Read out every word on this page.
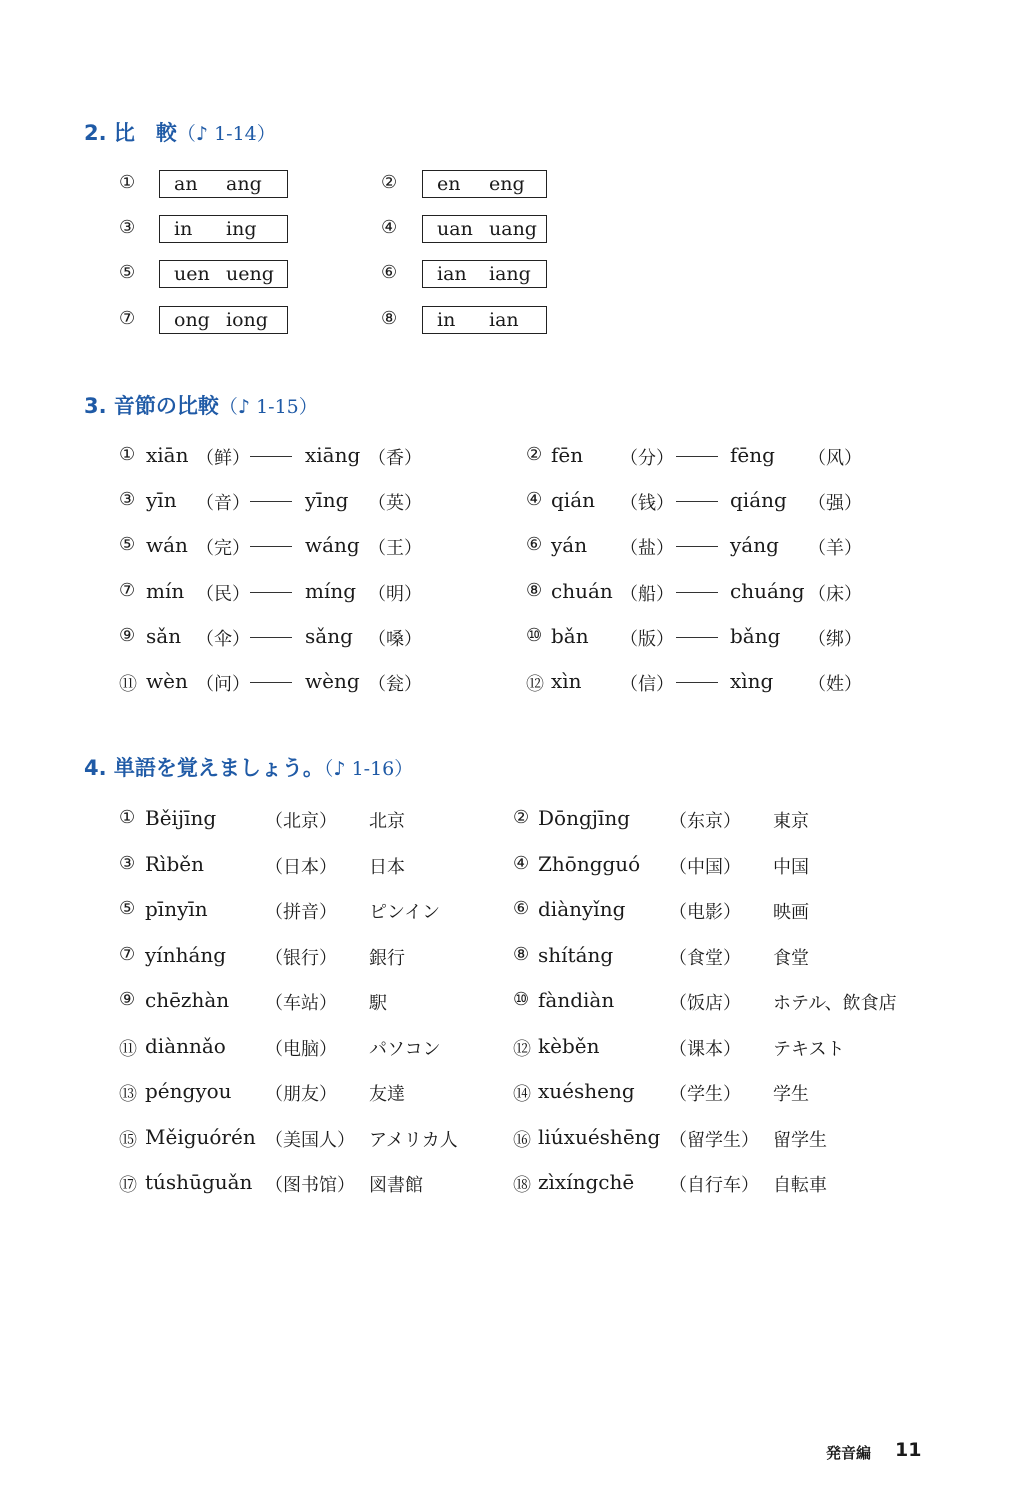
2. 比　較（♪ 1-14）
①	an ang	②	en eng
③	in ing	④	uan uang
⑤	uen ueng	⑥	ian iang
⑦	ong iong	⑧	in ian
3. 音節の比較（♪ 1-15）
① xiān （鲜）	xiāng （香）	② fēn （分）	fēng （风）
③ yīn （音）	yīng （英）	④ qián （钱）	qiáng （强）
⑤ wán （完）	wáng （王）	⑥ yán （盐）	yáng （羊）
⑦ mín （民）	míng （明）	⑧ chuán （船）	chuáng （床）
⑨ sǎn （伞）	sǎng （嗓）	⑩ bǎn （版）	bǎng （绑）
⑪ wèn （问）	wèng （瓮）	⑫ xìn （信）	xìng （姓）
4. 単語を覚えましょう。（♪ 1-16）
① Běijīng	（北京） 北京	② Dōngjīng （东京） 東京
③ Rìběn	（日本） 日本	④ Zhōngguó （中国） 中国
⑤ pīnyīn	（拼音） ピンイン	⑥ diànyǐng （电影） 映画
⑦ yínháng （银行） 銀行	⑧ shítáng	（食堂） 食堂
⑨ chēzhàn （车站） 駅	⑩ fàndiàn	（饭店） ホテル、飲食店
⑪ diànnǎo （电脑） パソコン	⑫ kèběn	（课本） テキスト
⑬ péngyou （朋友） 友達	⑭ xuésheng （学生） 学生
⑮ Měiguórén （美国人） アメリカ人	⑯ liúxuéshēng （留学生） 留学生
⑰ túshūguǎn （图书馆） 図書館	⑱ zìxíngchē （自行车） 自転車
発音編 11
